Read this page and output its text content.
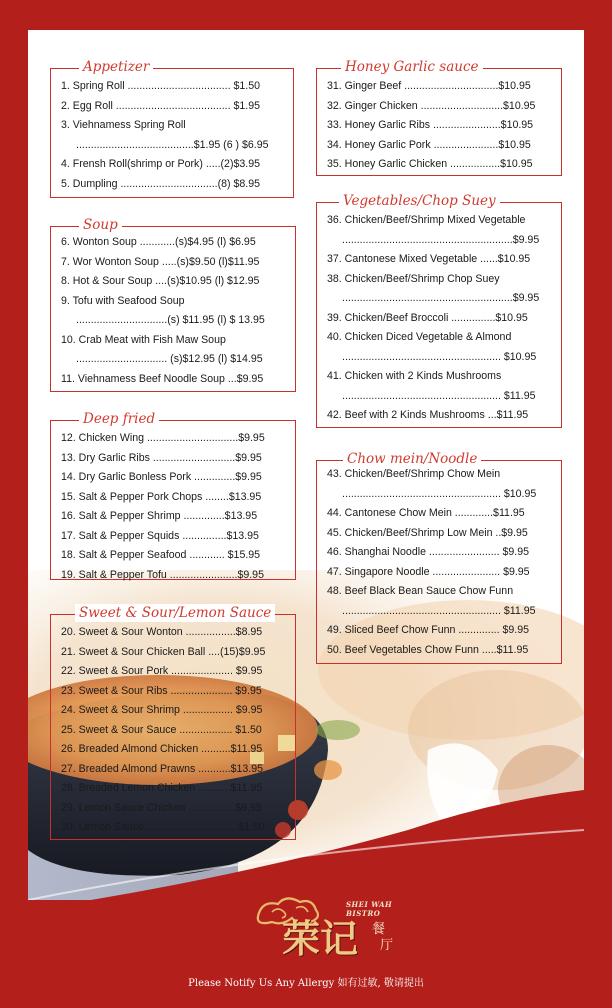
Appetizer
1. Spring Roll ................................... $1.50
2. Egg Roll ....................................... $1.95
3. Viehnamess Spring Roll
........................................$1.95 (6 ) $6.95
4. Frensh Roll(shrimp or Pork) .....(2)$3.95
5. Dumpling .................................(8) $8.95
Soup
6. Wonton Soup ............(s)$4.95 (l) $6.95
7. Wor Wonton Soup .....(s)$9.50 (l)$11.95
8. Hot & Sour Soup ....(s)$10.95 (l) $12.95
9. Tofu with Seafood Soup
...............................(s) $11.95 (l) $ 13.95
10. Crab Meat with Fish Maw Soup
............................... (s)$12.95 (l) $14.95
11. Viehnamess Beef Noodle Soup ...$9.95
Deep fried
12. Chicken Wing ...............................$9.95
13. Dry Garlic Ribs ............................$9.95
14. Dry Garlic Bonless Pork ..............$9.95
15. Salt & Pepper Pork Chops ........$13.95
16. Salt & Pepper Shrimp ..............$13.95
17. Salt & Pepper Squids ...............$13.95
18. Salt & Pepper Seafood ............ $15.95
19. Salt & Pepper Tofu .......................$9.95
Sweet & Sour/Lemon Sauce
20. Sweet & Sour Wonton .................$8.95
21. Sweet & Sour Chicken Ball ....(15)$9.95
22. Sweet & Sour Pork ..................... $9.95
23. Sweet & Sour Ribs ..................... $9.95
24. Sweet & Sour Shrimp ................. $9.95
25. Sweet & Sour Sauce .................. $1.50
26. Breaded Almond Chicken ..........$11.95
27. Breaded Almond Prawns ...........$13.95
28. Breaded Lemon Chicken ...........$11.95
29. Lemon Sauce Chicken ................$9.95
30. Lemon Sauce ...............................$1.50
Honey Garlic sauce
31. Ginger Beef ................................$10.95
32. Ginger Chicken ............................$10.95
33. Honey Garlic Ribs .......................$10.95
34. Honey Garlic Pork ......................$10.95
35. Honey Garlic Chicken .................$10.95
Vegetables/Chop Suey
36. Chicken/Beef/Shrimp Mixed Vegetable
..........................................................$9.95
37. Cantonese Mixed Vegetable ......$10.95
38. Chicken/Beef/Shrimp Chop Suey
..........................................................$9.95
39. Chicken/Beef Broccoli ...............$10.95
40. Chicken Diced Vegetable & Almond
...................................................... $10.95
41. Chicken with 2 Kinds Mushrooms
...................................................... $11.95
42. Beef with 2 Kinds Mushrooms ...$11.95
Chow mein/Noodle
43. Chicken/Beef/Shrimp Chow Mein
...................................................... $10.95
44. Cantonese Chow Mein .............$11.95
45. Chicken/Beef/Shrimp Low Mein ..$9.95
46. Shanghai Noodle ........................ $9.95
47. Singapore Noodle ....................... $9.95
48. Beef Black Bean Sauce Chow Funn
...................................................... $11.95
49. Sliced Beef Chow Funn .............. $9.95
50. Beef Vegetables Chow Funn .....$11.95
SHEI WAH
BISTRO
荣记 餐
厅
Please Notify Us Any Allergy 如有过敏, 敬请提出
